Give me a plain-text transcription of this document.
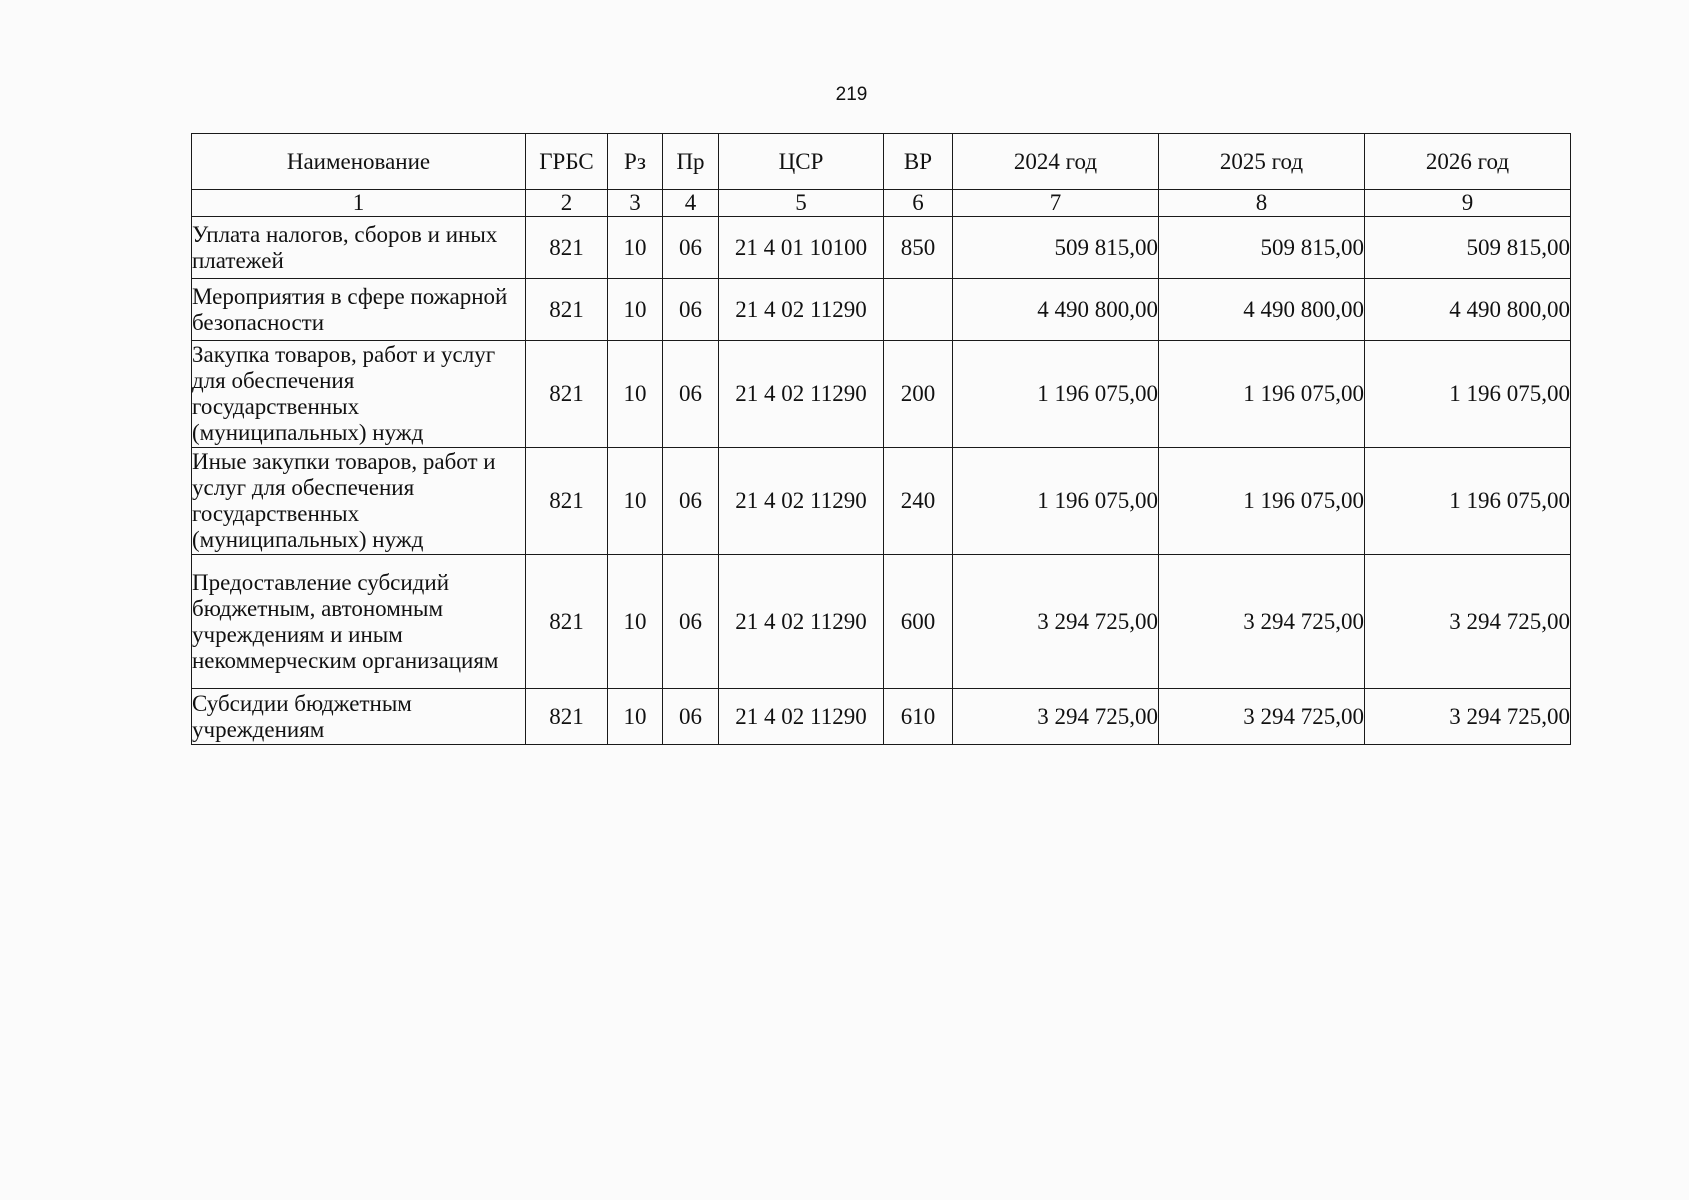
219
Наименование	ГРБС	Рз	Пр	ЦСР	ВР	2024 год	2025 год	2026 год
1	2	3	4	5	6	7	8	9
Уплата налогов, сборов и иных платежей	821	10	06	21 4 01 10100	850	509 815,00	509 815,00	509 815,00
Мероприятия в сфере пожарной безопасности	821	10	06	21 4 02 11290		4 490 800,00	4 490 800,00	4 490 800,00
Закупка товаров, работ и услуг для обеспечения государственных (муниципальных) нужд	821	10	06	21 4 02 11290	200	1 196 075,00	1 196 075,00	1 196 075,00
Иные закупки товаров, работ и услуг для обеспечения государственных (муниципальных) нужд	821	10	06	21 4 02 11290	240	1 196 075,00	1 196 075,00	1 196 075,00
Предоставление субсидий бюджетным, автономным учреждениям и иным некоммерческим организациям	821	10	06	21 4 02 11290	600	3 294 725,00	3 294 725,00	3 294 725,00
Субсидии бюджетным учреждениям	821	10	06	21 4 02 11290	610	3 294 725,00	3 294 725,00	3 294 725,00
